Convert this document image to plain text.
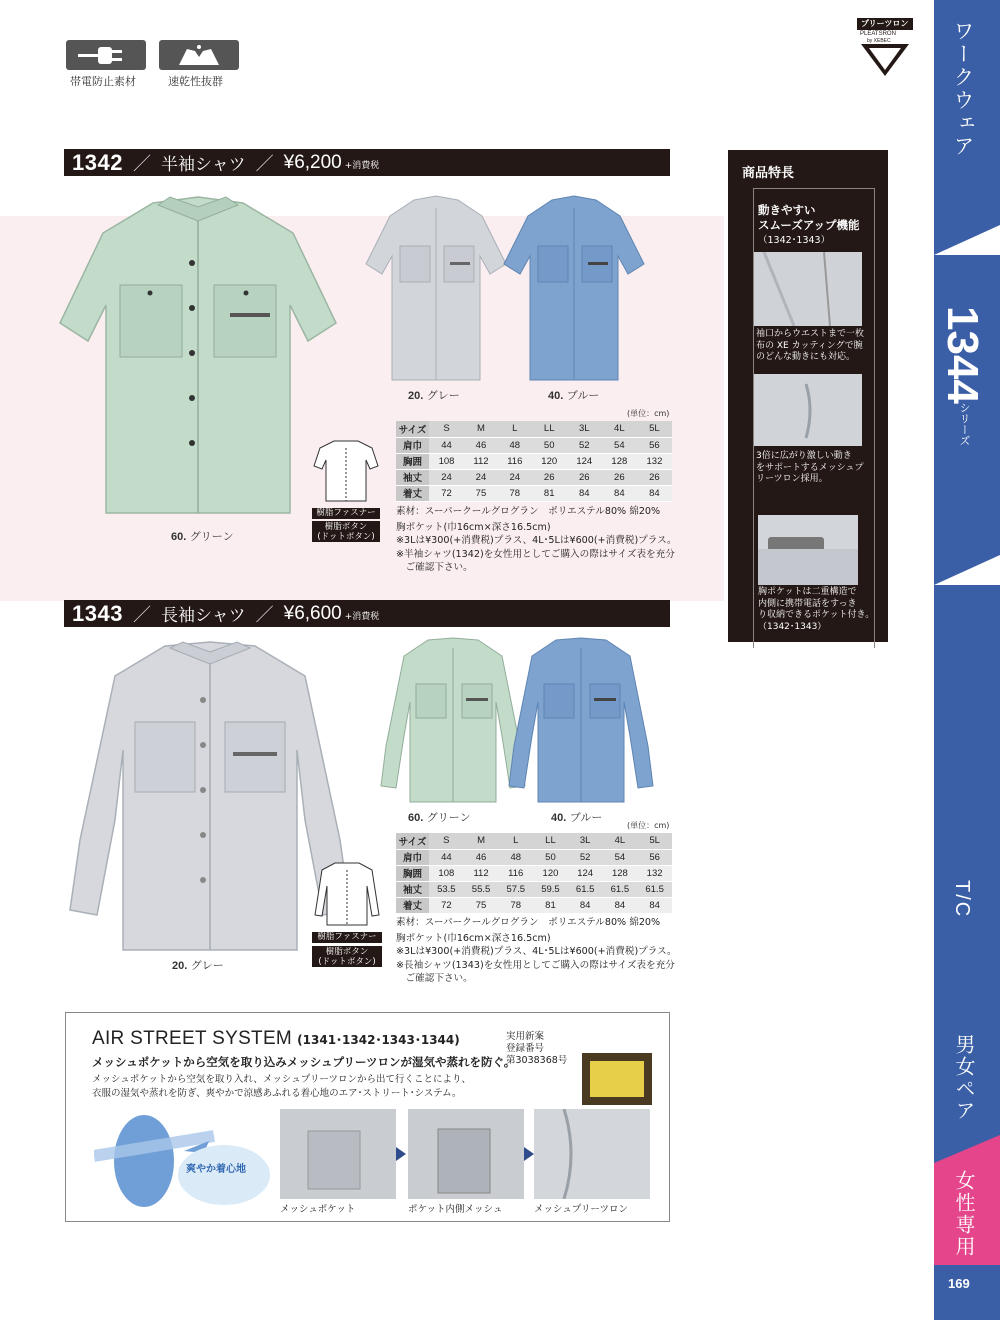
帯電防止素材	速乾性抜群
プリーツロン
PLEATSRON
by XEBEC
1342 ／ 半袖シャツ ／ ¥6,200 +消費税
60. グリーン
20. グレー	40. ブルー
樹脂ファスナー
樹脂ボタン
(ドットボタン)
(単位：cm)
サイズ	S	M	L	LL	3L	4L	5L
肩巾	44	46	48	50	52	54	56
胸囲	108	112	116	120	124	128	132
袖丈	24	24	24	26	26	26	26
着丈	72	75	78	81	84	84	84
素材：スーパークールグログラン　ポリエステル80% 綿20%
胸ポケット(巾16cm×深さ16.5cm)
※3Lは¥300(+消費税)プラス、4L･5Lは¥600(+消費税)プラス。
※半袖シャツ(1342)を女性用としてご購入の際はサイズ表を充分
　ご確認下さい。
1343 ／ 長袖シャツ ／ ¥6,600 +消費税
20. グレー
60. グリーン	40. ブルー
樹脂ファスナー
樹脂ボタン
(ドットボタン)
(単位：cm)
サイズ	S	M	L	LL	3L	4L	5L
肩巾	44	46	48	50	52	54	56
胸囲	108	112	116	120	124	128	132
袖丈	53.5	55.5	57.5	59.5	61.5	61.5	61.5
着丈	72	75	78	81	84	84	84
素材：スーパークールグログラン　ポリエステル80% 綿20%
胸ポケット(巾16cm×深さ16.5cm)
※3Lは¥300(+消費税)プラス、4L･5Lは¥600(+消費税)プラス。
※長袖シャツ(1343)を女性用としてご購入の際はサイズ表を充分
　ご確認下さい。
商品特長
動きやすい
スムーズアップ機能
（1342･1343）
袖口からウエストまで一枚
布の XE カッティングで腕
のどんな動きにも対応。
3倍に広がり激しい動き
をサポートするメッシュプ
リーツロン採用。
胸ポケットは二重構造で
内側に携帯電話をすっき
り収納できるポケット付き。
（1342･1343）
ワークウェア
1344
シリーズ
T/C
男女ペア
女性専用
169
AIR STREET SYSTEM (1341･1342･1343･1344)
メッシュポケットから空気を取り込みメッシュプリーツロンが湿気や蒸れを防ぐ。
メッシュポケットから空気を取り入れ、メッシュプリーツロンから出て行くことにより、
衣服の湿気や蒸れを防ぎ、爽やかで涼感あふれる着心地のエア･ストリート･システム。
実用新案
登録番号
第3038368号
爽やか着心地
メッシュポケット	ポケット内側メッシュ	メッシュプリーツロン
